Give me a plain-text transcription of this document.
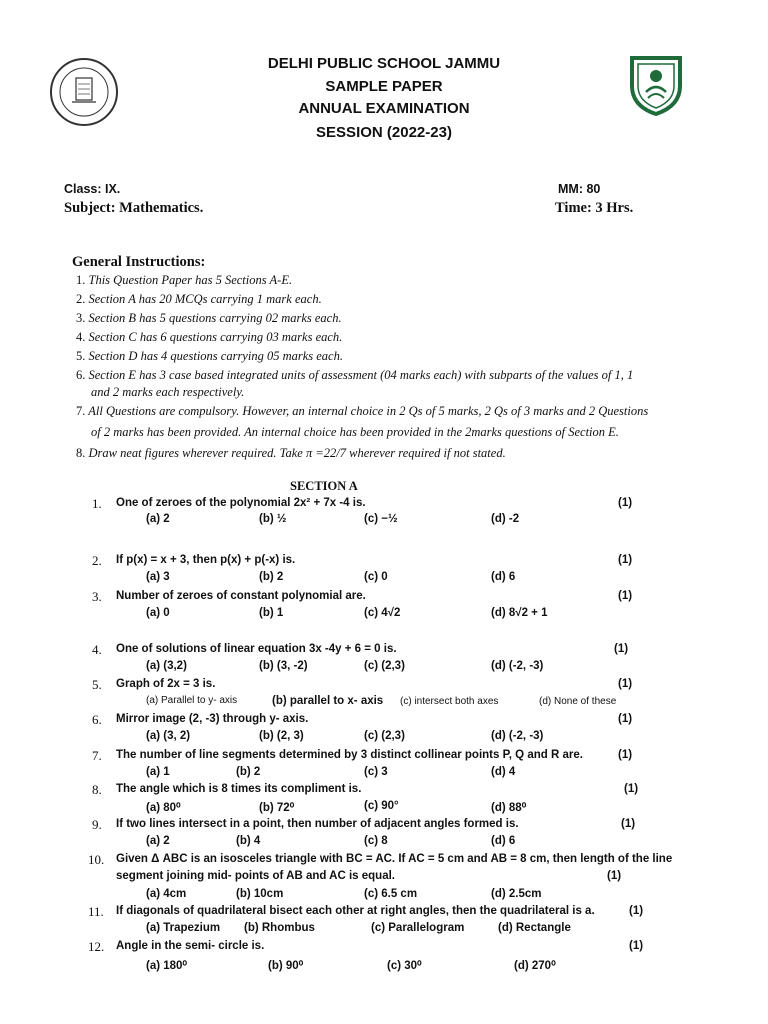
DELHI PUBLIC SCHOOL JAMMU
SAMPLE PAPER
ANNUAL EXAMINATION
SESSION (2022-23)
Class: IX.	MM: 80
Subject: Mathematics.	Time: 3 Hrs.
General Instructions:
1. This Question Paper has 5 Sections A-E.
2. Section A has 20 MCQs carrying 1 mark each.
3. Section B has 5 questions carrying 02 marks each.
4. Section C has 6 questions carrying 03 marks each.
5. Section D has 4 questions carrying 05 marks each.
6. Section E has 3 case based integrated units of assessment (04 marks each) with subparts of the values of 1, 1
and 2 marks each respectively.
7. All Questions are compulsory. However, an internal choice in 2 Qs of 5 marks, 2 Qs of 3 marks and 2 Questions
of 2 marks has been provided. An internal choice has been provided in the 2marks questions of Section E.
8. Draw neat figures wherever required. Take π =22/7 wherever required if not stated.
SECTION A
1. One of zeroes of the polynomial 2x² + 7x -4 is.	(1)
(a) 2	(b) ½	(c) −½	(d) -2
2. If p(x) = x + 3, then p(x) + p(-x) is.	(1)
(a) 3	(b) 2	(c) 0	(d) 6
3. Number of zeroes of constant polynomial are.	(1)
(a) 0	(b) 1	(c) 4√2	(d) 8√2 + 1
4. One of solutions of linear equation 3x -4y + 6 = 0 is.	(1)
(a) (3,2)	(b) (3, -2)	(c) (2,3)	(d) (-2, -3)
5. Graph of 2x = 3 is.	(1)
(a) Parallel to y- axis	(b) parallel to x- axis (c) intersect both axes	(d) None of these
6. Mirror image (2, -3) through y- axis.	(1)
(a) (3, 2)	(b) (2, 3)	(c) (2,3)	(d) (-2, -3)
7. The number of line segments determined by 3 distinct collinear points P, Q and R are.	(1)
(a) 1	(b) 2	(c) 3	(d) 4
8. The angle which is 8 times its compliment is.	(1)
(a) 80⁰	(b) 72⁰	(c) 90°	(d) 88⁰
9. If two lines intersect in a point, then number of adjacent angles formed is.	(1)
(a) 2	(b) 4	(c) 8	(d) 6
10. Given Δ ABC is an isosceles triangle with BC = AC. If AC = 5 cm and AB = 8 cm, then length of the line
segment joining mid- points of AB and AC is equal.	(1)
(a) 4cm	(b) 10cm	(c) 6.5 cm	(d) 2.5cm
11. If diagonals of quadrilateral bisect each other at right angles, then the quadrilateral is a.	(1)
(a) Trapezium (b) Rhombus	(c) Parallelogram	(d) Rectangle
12. Angle in the semi- circle is.	(1)
(a) 180⁰	(b) 90⁰	(c) 30⁰	(d) 270⁰
